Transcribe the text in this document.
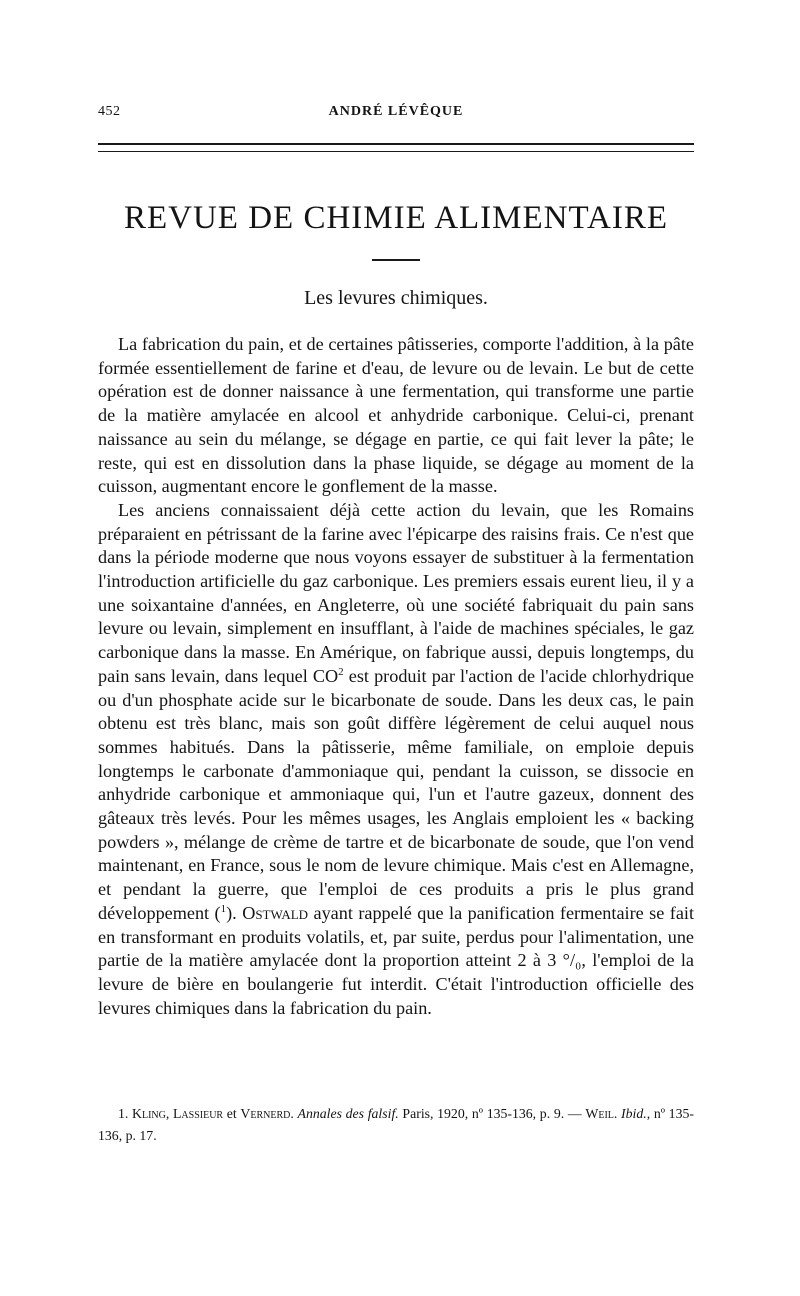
452	ANDRÉ LÉVÊQUE
REVUE DE CHIMIE ALIMENTAIRE
Les levures chimiques.

La fabrication du pain, et de certaines pâtisseries, comporte l'addition, à la pâte formée essentiellement de farine et d'eau, de levure ou de levain. Le but de cette opération est de donner naissance à une fermentation, qui transforme une partie de la matière amylacée en alcool et anhydride carbonique. Celui-ci, prenant naissance au sein du mélange, se dégage en partie, ce qui fait lever la pâte; le reste, qui est en dissolution dans la phase liquide, se dégage au moment de la cuisson, augmentant encore le gonflement de la masse.

Les anciens connaissaient déjà cette action du levain, que les Romains préparaient en pétrissant de la farine avec l'épicarpe des raisins frais. Ce n'est que dans la période moderne que nous voyons essayer de substituer à la fermentation l'introduction artificielle du gaz carbonique. Les premiers essais eurent lieu, il y a une soixantaine d'années, en Angleterre, où une société fabriquait du pain sans levure ou levain, simplement en insufflant, à l'aide de machines spéciales, le gaz carbonique dans la masse. En Amérique, on fabrique aussi, depuis longtemps, du pain sans levain, dans lequel $CO^2$ est produit par l'action de l'acide chlorhydrique ou d'un phosphate acide sur le bicarbonate de soude. Dans les deux cas, le pain obtenu est très blanc, mais son goût diffère légèrement de celui auquel nous sommes habitués. Dans la pâtisserie, même familiale, on emploie depuis longtemps le carbonate d'ammoniaque qui, pendant la cuisson, se dissocie en anhydride carbonique et ammoniaque qui, l'un et l'autre gazeux, donnent des gâteaux très levés. Pour les mêmes usages, les Anglais emploient les « backing powders », mélange de crème de tartre et de bicarbonate de soude, que l'on vend maintenant, en France, sous le nom de levure chimique. Mais c'est en Allemagne, et pendant la guerre, que l'emploi de ces produits a pris le plus grand développement ($^1$). Ostwald ayant rappelé que la panification fermentaire se fait en transformant en produits volatils, et, par suite, perdus pour l'alimentation, une partie de la matière amylacée dont la proportion atteint 2 à 3 °/₀, l'emploi de la levure de bière en boulangerie fut interdit. C'était l'introduction officielle des levures chimiques dans la fabrication du pain.

1. Kling, Lassieur et Vernerd. Annales des falsif. Paris, 1920, nº 135-136, p. 9. — Weil. Ibid., nº 135-136, p. 17.
